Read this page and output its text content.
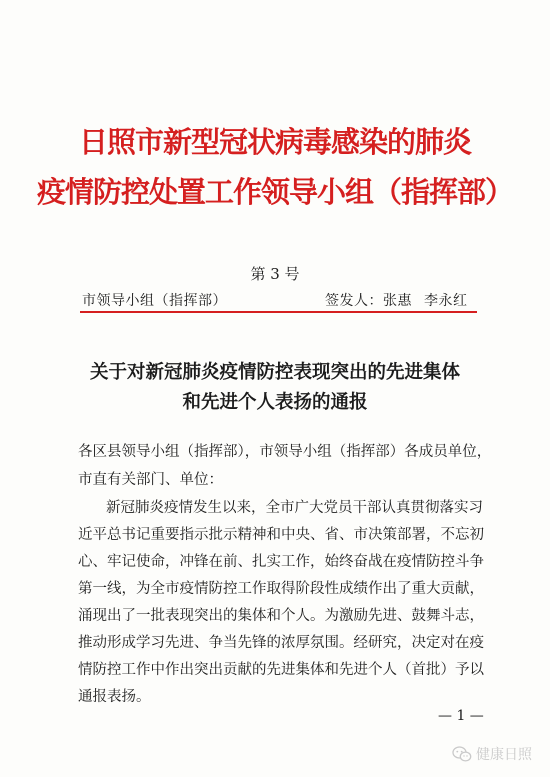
日照市新型冠状病毒感染的肺炎
疫情防控处置工作领导小组（指挥部）
第 3 号
市领导小组（指挥部）	签发人：张惠 李永红
关于对新冠肺炎疫情防控表现突出的先进集体
和先进个人表扬的通报
各区县领导小组（指挥部），市领导小组（指挥部）各成员单位，
市直有关部门、单位：
新冠肺炎疫情发生以来，全市广大党员干部认真贯彻落实习
近平总书记重要指示批示精神和中央、省、市决策部署，不忘初
心、牢记使命，冲锋在前、扎实工作，始终奋战在疫情防控斗争
第一线，为全市疫情防控工作取得阶段性成绩作出了重大贡献，
涌现出了一批表现突出的集体和个人。为激励先进、鼓舞斗志，
推动形成学习先进、争当先锋的浓厚氛围。经研究，决定对在疫
情防控工作中作出突出贡献的先进集体和先进个人（首批）予以
通报表扬。
— 1 —
健康日照
